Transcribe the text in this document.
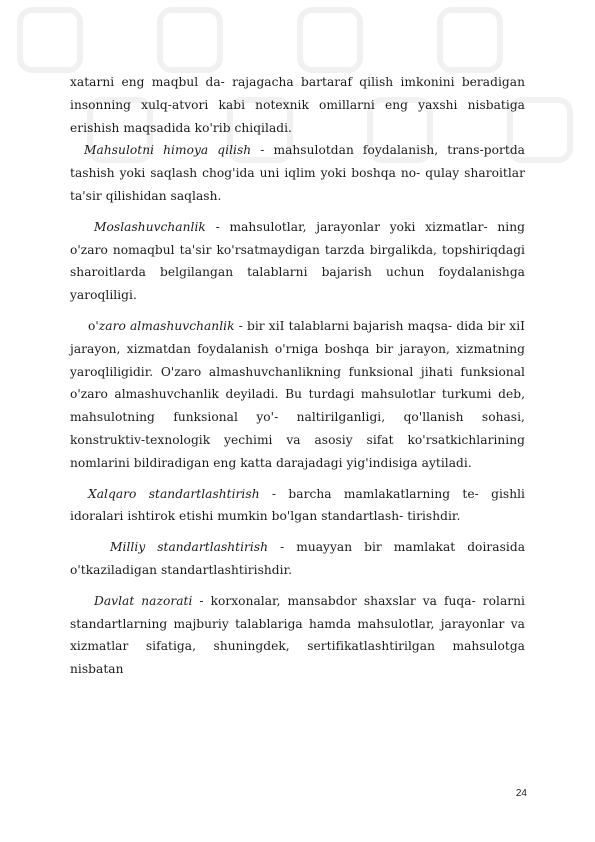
xatarni eng maqbul da- rajagacha bartaraf qilish imkonini beradigan insonning xulq-atvori kabi notexnik omillarni eng yaxshi nisbatiga erishish maqsadida ko'rib chiqiladi.

Mahsulotni himoya qilish - mahsulotdan foydalanish, trans-portda tashish yoki saqlash chog'ida uni iqlim yoki boshqa no- qulay sharoitlar ta'sir qilishidan saqlash.

Moslashuvchanlik - mahsulotlar, jarayonlar yoki xizmatlar- ning o'zaro nomaqbul ta'sir ko'rsatmaydigan tarzda birgalikda, topshiriqdagi sharoitlarda belgilangan talablarni bajarish uchun foydalanishga yaroqliligi.

o'zaro almashuvchanlik - bir xiI talablarni bajarish maqsa- dida bir xiI jarayon, xizmatdan foydalanish o'rniga boshqa bir jarayon, xizmatning yaroqliligidir. O'zaro almashuvchanlikning funksional jihati funksional o'zaro almashuvchanlik deyiladi. Bu turdagi mahsulotlar turkumi deb, mahsulotning funksional yo'- naltirilganligi, qo'llanish sohasi, konstruktiv-texnologik yechimi va asosiy sifat ko'rsatkichlarining nomlarini bildiradigan eng katta darajadagi yig'indisiga aytiladi.

Xalqaro standartlashtirish - barcha mamlakatlarning te- gishli idoralari ishtirok etishi mumkin bo'lgan standartlash- tirishdir.

Milliy standartlashtirish - muayyan bir mamlakat doirasida o'tkaziladigan standartlashtirishdir.

Davlat nazorati - korxonalar, mansabdor shaxslar va fuqa- rolarni standartlarning majburiy talablariga hamda mahsulotlar, jarayonlar va xizmatlar sifatiga, shuningdek, sertifikatlashtirilgan mahsulotga nisbatan

24
